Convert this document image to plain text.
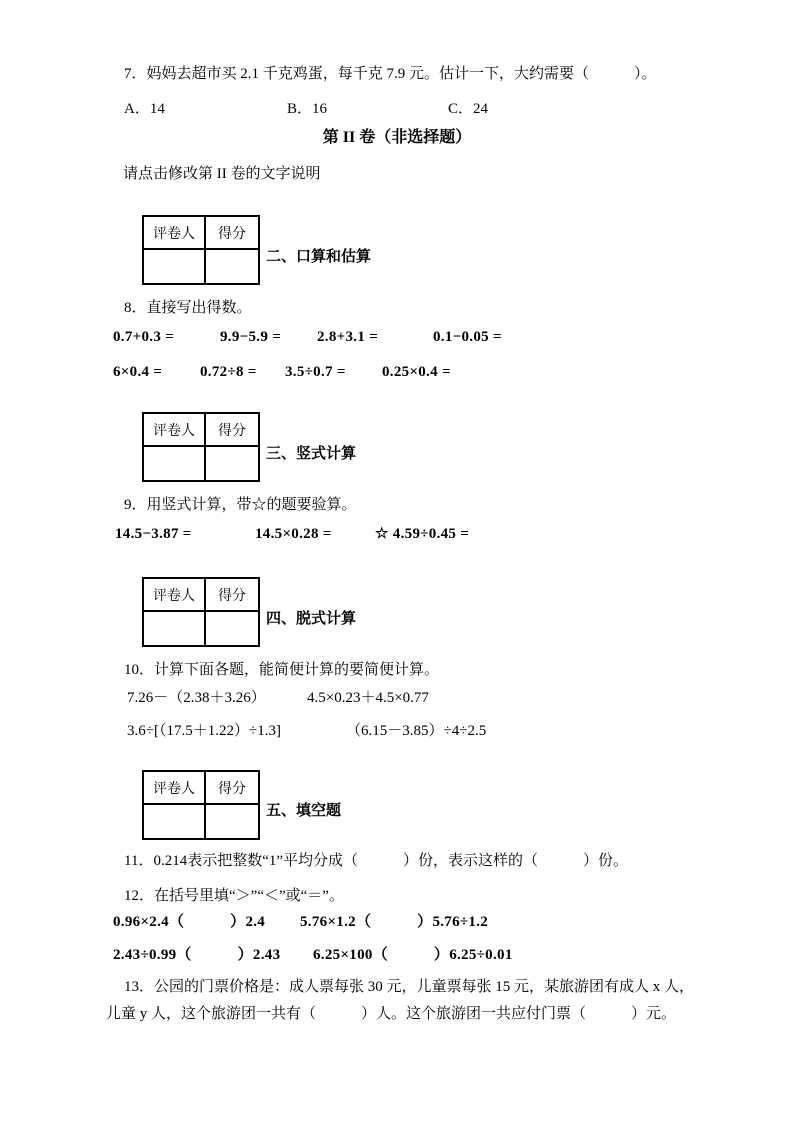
7．妈妈去超市买 2.1 千克鸡蛋，每千克 7.9 元。估计一下，大约需要（　　　）。
A．14	B．16	C．24
第 II 卷（非选择题）
请点击修改第 II 卷的文字说明
评卷人	得分
二、口算和估算
8．直接写出得数。
0.7+0.3 =	9.9−5.9 = 2.8+3.1 =	0.1−0.05 =
6×0.4 =	0.72÷8 = 3.5÷0.7 = 0.25×0.4 =
评卷人	得分
三、竖式计算
9．用竖式计算，带☆的题要验算。
14.5−3.87 =	14.5×0.28 =	☆ 4.59÷0.45 =
评卷人	得分
四、脱式计算
10．计算下面各题，能简便计算的要简便计算。
7.26－（2.38＋3.26）	4.5×0.23＋4.5×0.77
3.6÷[（17.5＋1.22）÷1.3]	（6.15－3.85）÷4÷2.5
评卷人	得分
五、填空题
11．0.214表示把整数“1”平均分成（　　　）份，表示这样的（　　　）份。
12．在括号里填“＞”“＜”或“＝”。
0.96×2.4（　　　）2.4 5.76×1.2（　　　）5.76÷1.2
2.43÷0.99（　　　）2.43 6.25×100（　　　）6.25÷0.01
13．公园的门票价格是：成人票每张 30 元，儿童票每张 15 元，某旅游团有成人 x 人，
儿童 y 人，这个旅游团一共有（　　　）人。这个旅游团一共应付门票（　　　）元。
